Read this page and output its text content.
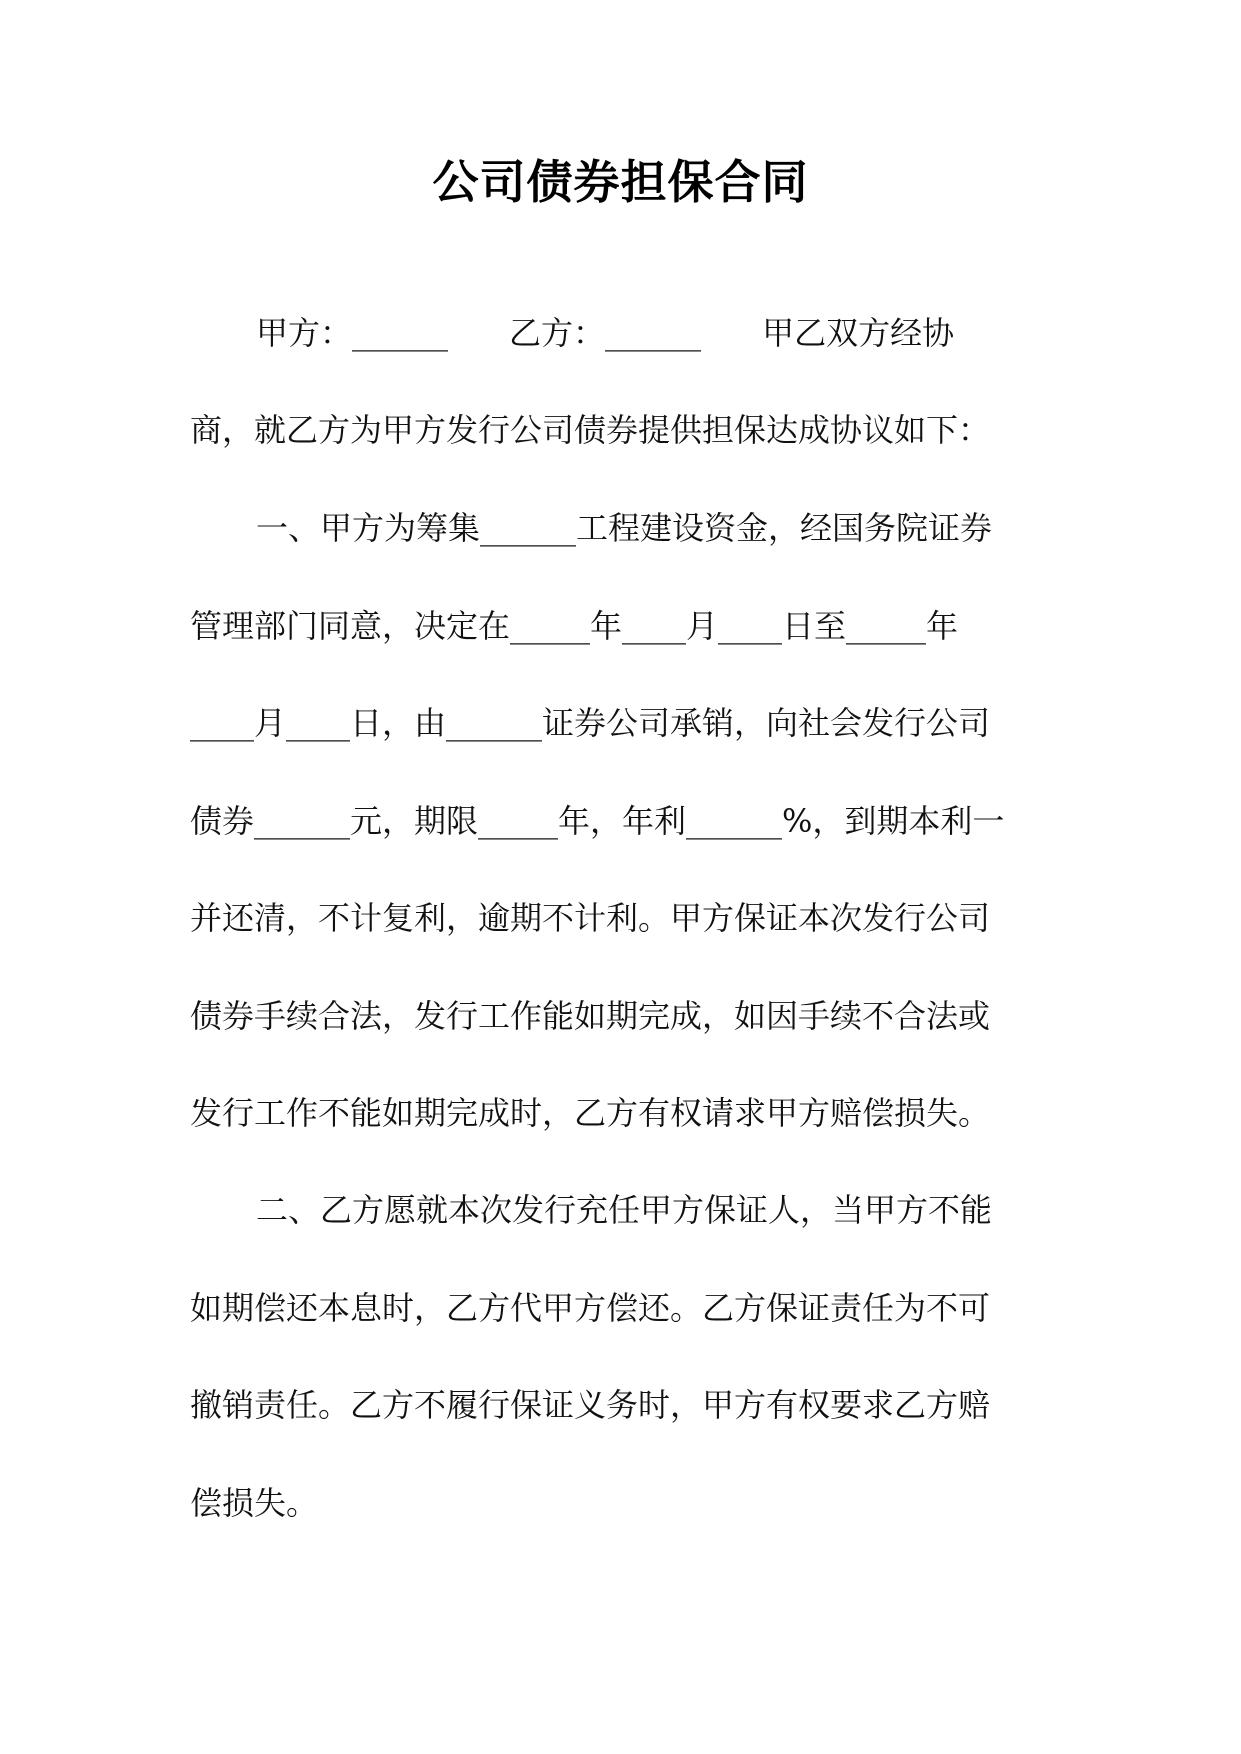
公司债券担保合同
甲方：______      乙方：______      甲乙双方经协
商，就乙方为甲方发行公司债券提供担保达成协议如下：
一、甲方为筹集______工程建设资金，经国务院证券
管理部门同意，决定在_____年____月____日至_____年
____月____日，由______证券公司承销，向社会发行公司
债券______元，期限_____年，年利______%，到期本利一
并还清，不计复利，逾期不计利。甲方保证本次发行公司
债券手续合法，发行工作能如期完成，如因手续不合法或
发行工作不能如期完成时，乙方有权请求甲方赔偿损失。
二、乙方愿就本次发行充任甲方保证人，当甲方不能
如期偿还本息时，乙方代甲方偿还。乙方保证责任为不可
撤销责任。乙方不履行保证义务时，甲方有权要求乙方赔
偿损失。
